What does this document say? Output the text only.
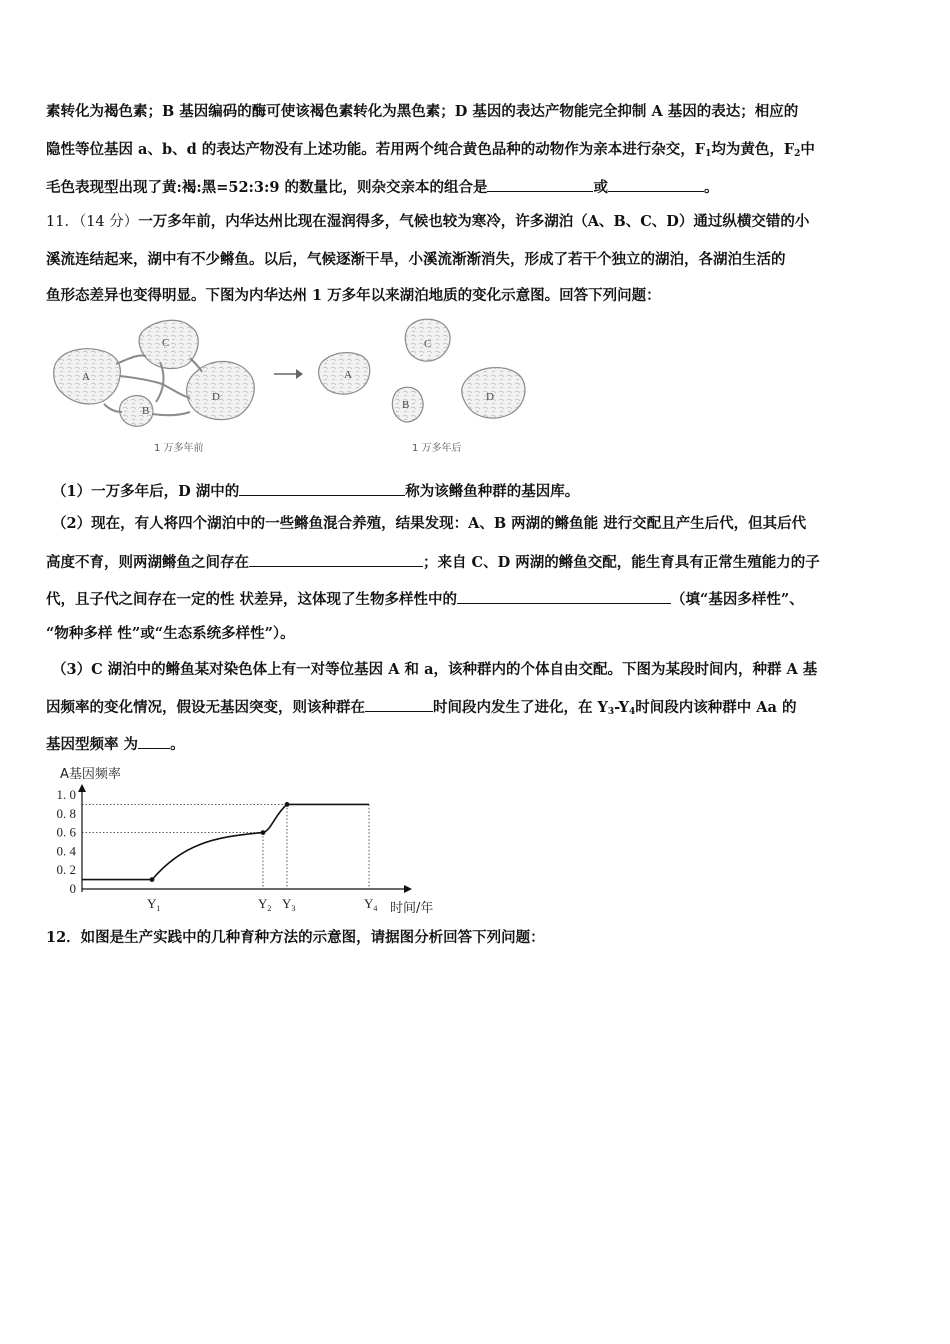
素转化为褐色素；B 基因编码的酶可使该褐色素转化为黑色素；D 基因的表达产物能完全抑制 A 基因的表达；相应的
隐性等位基因 a、b、d 的表达产物没有上述功能。若用两个纯合黄色品种的动物作为亲本进行杂交，$F_1$均为黄色，$F_2$中
毛色表现型出现了黄:褐:黑=52:3:9 的数量比，则杂交亲本的组合是	或	。
11．（14 分）一万多年前，内华达州比现在湿润得多，气候也较为寒冷，许多湖泊（A、B、C、D）通过纵横交错的小
溪流连结起来，湖中有不少鳉鱼。以后，气候逐渐干旱，小溪流渐渐消失，形成了若干个独立的湖泊，各湖泊生活的
鱼形态差异也变得明显。下图为内华达州 1 万多年以来湖泊地质的变化示意图。回答下列问题：
A
C
B
D
1 万多年前
A
C
B
D
1 万多年后
（1）一万多年后，D 湖中的	称为该鳉鱼种群的基因库。
（2）现在，有人将四个湖泊中的一些鳉鱼混合养殖，结果发现：A、B 两湖的鳉鱼能 进行交配且产生后代，但其后代
高度不育，则两湖鳉鱼之间存在	；来自 C、D 两湖的鳉鱼交配，能生育具有正常生殖能力的子
代，且子代之间存在一定的性 状差异，这体现了生物多样性中的	（填“基因多样性”、
“物种多样 性”或“生态系统多样性”）。
（3）C 湖泊中的鳉鱼某对染色体上有一对等位基因 A 和 a，该种群内的个体自由交配。下图为某段时间内，种群 A 基
因频率的变化情况，假设无基因突变，则该种群在	时间段内发生了进化，在 $Y_3-Y_4$时间段内该种群中 Aa 的
基因型频率 为 。
A基因频率
1. 0
0. 8
0. 6
0. 4
0. 2
0
$Y_1$	$Y_2$ $Y_3$	$Y_4$ 时间/年
12．如图是生产实践中的几种育种方法的示意图，请据图分析回答下列问题：
